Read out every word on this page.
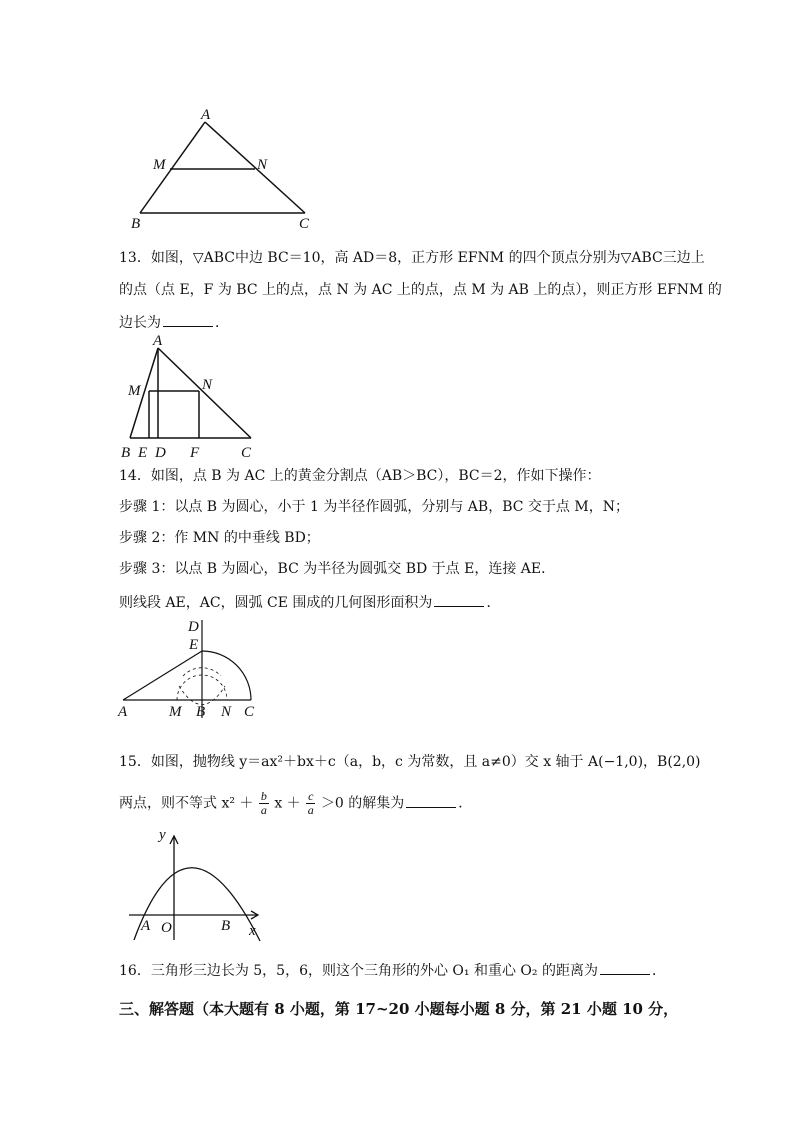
A
M	N
B	C
13．如图，▽ABC中边 BC＝10，高 AD＝8，正方形 EFNM 的四个顶点分别为▽ABC三边上
的点（点 E，F 为 BC 上的点，点 N 为 AC 上的点，点 M 为 AB 上的点），则正方形 EFNM 的
边长为	．
A
M	N
B E D F	C
14．如图，点 B 为 AC 上的黄金分割点（AB＞BC），BC＝2，作如下操作：
步骤 1：以点 B 为圆心，小于 1 为半径作圆弧，分别与 AB，BC 交于点 M，N；
步骤 2：作 MN 的中垂线 BD；
步骤 3：以点 B 为圆心，BC 为半径为圆弧交 BD 于点 E，连接 AE．
则线段 AE，AC，圆弧 CE 围成的几何图形面积为	．
D
E
A	M B N C
15．如图，抛物线 y＝ax²＋bx＋c（a，b，c 为常数，且 a≠0）交 x 轴于 A(−1,0)，B(2,0)
两点，则不等式 $x^2 + \frac{b}{a}$ $x + \frac{c}{a} >0$ 的解集为	．
y
x
O
A	B
16．三角形三边长为 5，5，6，则这个三角形的外心 O₁ 和重心 O₂ 的距离为	．
三、解答题（本大题有 8 小题，第 17~20 小题每小题 8 分，第 21 小题 10 分，
